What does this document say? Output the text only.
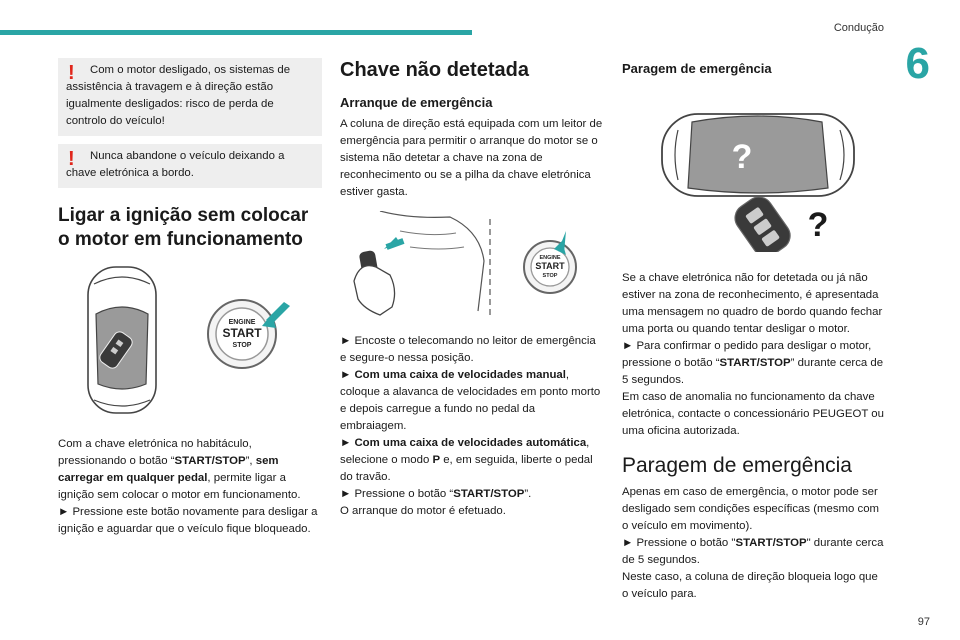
Condução
6
!	Com o motor desligado, os sistemas de assistência à travagem e à direção estão igualmente desligados: risco de perda de controlo do veículo!

!	Nunca abandone o veículo deixando a chave eletrónica a bordo.

Ligar a ignição sem colocar o motor em funcionamento
ENGINE
START
STOP

Com a chave eletrónica no habitáculo, pressionando o botão “START/STOP”, sem carregar em qualquer pedal, permite ligar a ignição sem colocar o motor em funcionamento.

► Pressione este botão novamente para desligar a ignição e aguardar que o veículo fique bloqueado.

Chave não detetada
Arranque de emergência

A coluna de direção está equipada com um leitor de emergência para permitir o arranque do motor se o sistema não detetar a chave na zona de reconhecimento ou se a pilha da chave eletrónica estiver gasta.

ENGINE
START
STOP

► Encoste o telecomando no leitor de emergência e segure-o nessa posição.

► Com uma caixa de velocidades manual, coloque a alavanca de velocidades em ponto morto e depois carregue a fundo no pedal da embraiagem.

► Com uma caixa de velocidades automática, selecione o modo P e, em seguida, liberte o pedal do travão.

► Pressione o botão “START/STOP”.

O arranque do motor é efetuado.

Paragem de emergência
?
?

Se a chave eletrónica não for detetada ou já não estiver na zona de reconhecimento, é apresentada uma mensagem no quadro de bordo quando fechar uma porta ou quando tentar desligar o motor.

► Para confirmar o pedido para desligar o motor, pressione o botão “START/STOP” durante cerca de 5 segundos.

Em caso de anomalia no funcionamento da chave eletrónica, contacte o concessionário PEUGEOT ou uma oficina autorizada.

Paragem de emergência

Apenas em caso de emergência, o motor pode ser desligado sem condições específicas (mesmo com o veículo em movimento).

► Pressione o botão "START/STOP" durante cerca de 5 segundos.

Neste caso, a coluna de direção bloqueia logo que o veículo para.

97
